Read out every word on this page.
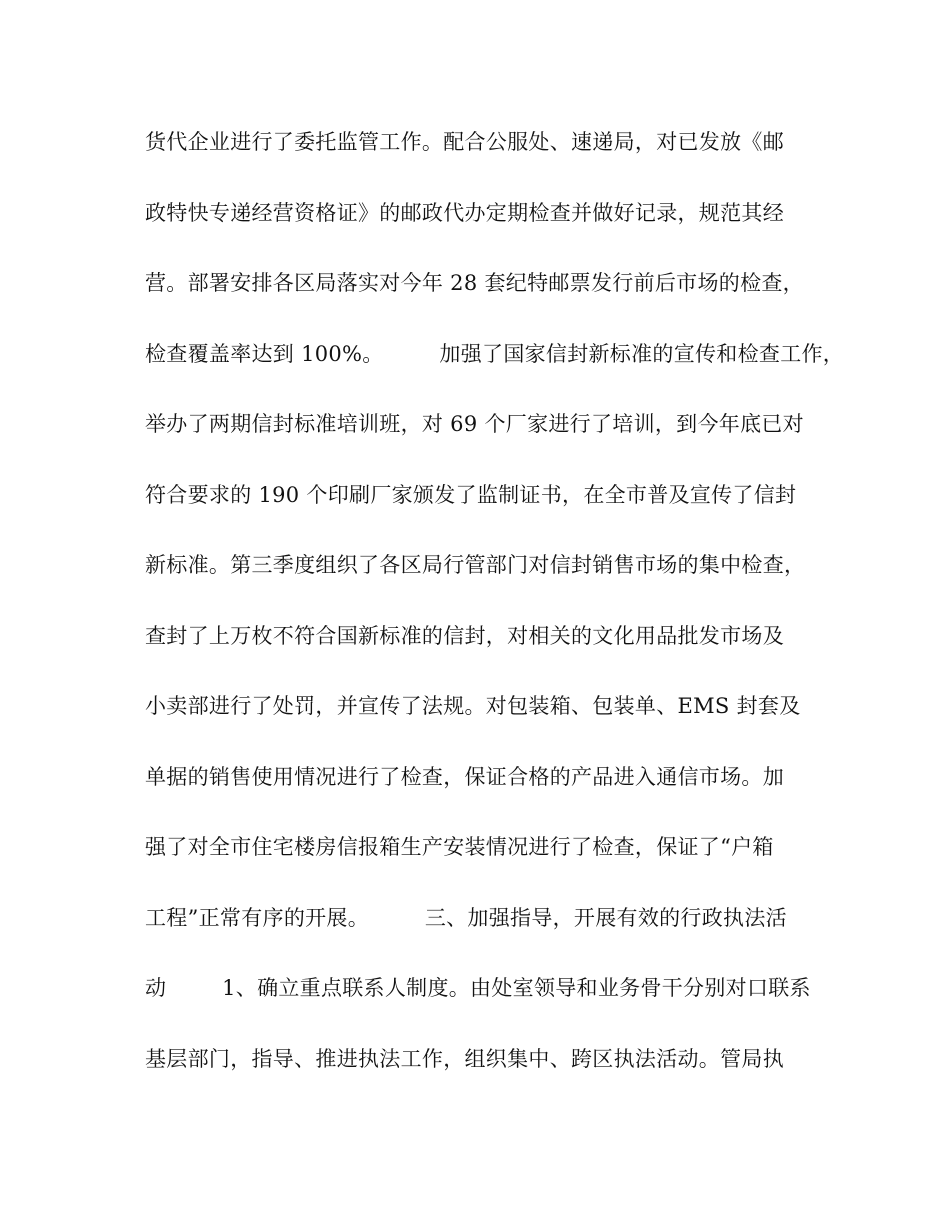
货代企业进行了委托监管工作。配合公服处、速递局，对已发放《邮
政特快专递经营资格证》的邮政代办定期检查并做好记录，规范其经
营。部署安排各区局落实对今年 28 套纪特邮票发行前后市场的检查，
检查覆盖率达到 100%。        加强了国家信封新标准的宣传和检查工作，
举办了两期信封标准培训班，对 69 个厂家进行了培训，到今年底已对
符合要求的 190 个印刷厂家颁发了监制证书，在全市普及宣传了信封
新标准。第三季度组织了各区局行管部门对信封销售市场的集中检查，
查封了上万枚不符合国新标准的信封，对相关的文化用品批发市场及
小卖部进行了处罚，并宣传了法规。对包装箱、包装单、EMS 封套及
单据的销售使用情况进行了检查，保证合格的产品进入通信市场。加
强了对全市住宅楼房信报箱生产安装情况进行了检查，保证了“户箱
工程”正常有序的开展。        三、加强指导，开展有效的行政执法活
动        1、确立重点联系人制度。由处室领导和业务骨干分别对口联系
基层部门，指导、推进执法工作，组织集中、跨区执法活动。管局执
